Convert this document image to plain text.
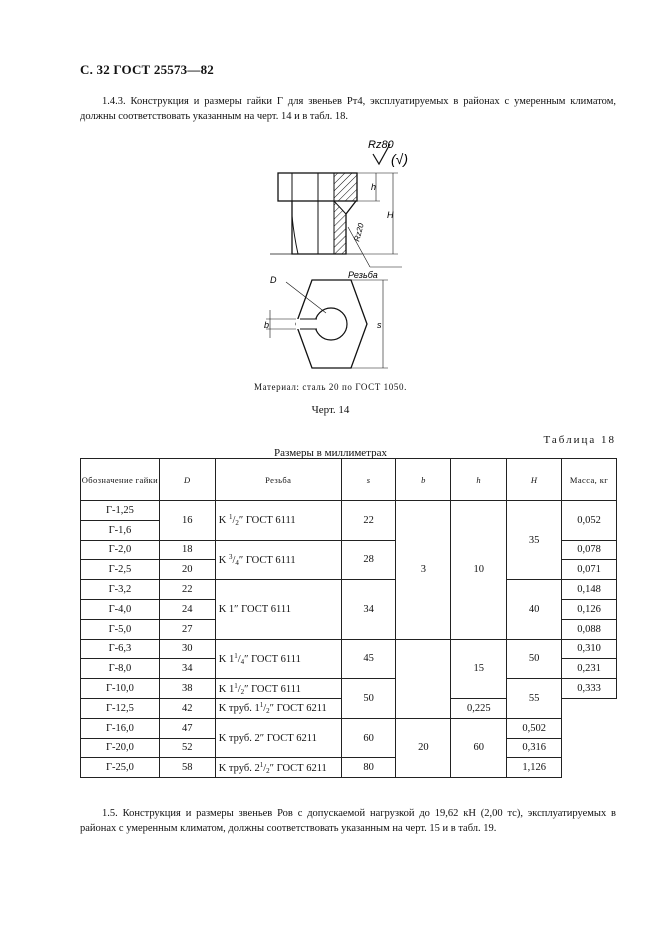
С. 32 ГОСТ 25573—82
1.4.3. Конструкция и размеры гайки Г для звеньев Рт4, эксплуатируемых в районах с умеренным климатом, должны соответствовать указанным на черт. 14 и в табл. 18.
Rz80
(√)
h
H
Rz20
Резьба
b
D
s
Материал: сталь 20 по ГОСТ 1050.
Черт. 14
Таблица 18
Размеры в миллиметрах
Обозначение гайки	D	Резьба	s	b	h	H	Масса, кг
Г-1,25	16	K $^1/_2''$ ГОСТ 6111	22	3	10	35	0,052
Г-1,6							
Г-2,0	18	K $^3/_4''$ ГОСТ 6111	28				0,078
Г-2,5	20						0,071
Г-3,2	22	K 1″ ГОСТ 6111	34			40	0,148
Г-4,0	24						0,126
Г-5,0	27						0,088
Г-6,3	30	K $1^1/_4''$ ГОСТ 6111	45		15	50	0,310
Г-8,0	34						0,231
Г-10,0	38	K $1^1/_2''$ ГОСТ 6111	50			55	0,333
Г-12,5	42	K труб. $1^1/_2''$ ГОСТ 6211			0,225		
Г-16,0	47	K труб. 2″ ГОСТ 6211	60	20	60	0,502	
Г-20,0	52					0,316	
Г-25,0	58	K труб. $2^1/_2''$ ГОСТ 6211	80			1,126	
1.5. Конструкция и размеры звеньев Ров с допускаемой нагрузкой до 19,62 кН (2,00 тс), эксплуатируемых в районах с умеренным климатом, должны соответствовать указанным на черт. 15 и в табл. 19.
